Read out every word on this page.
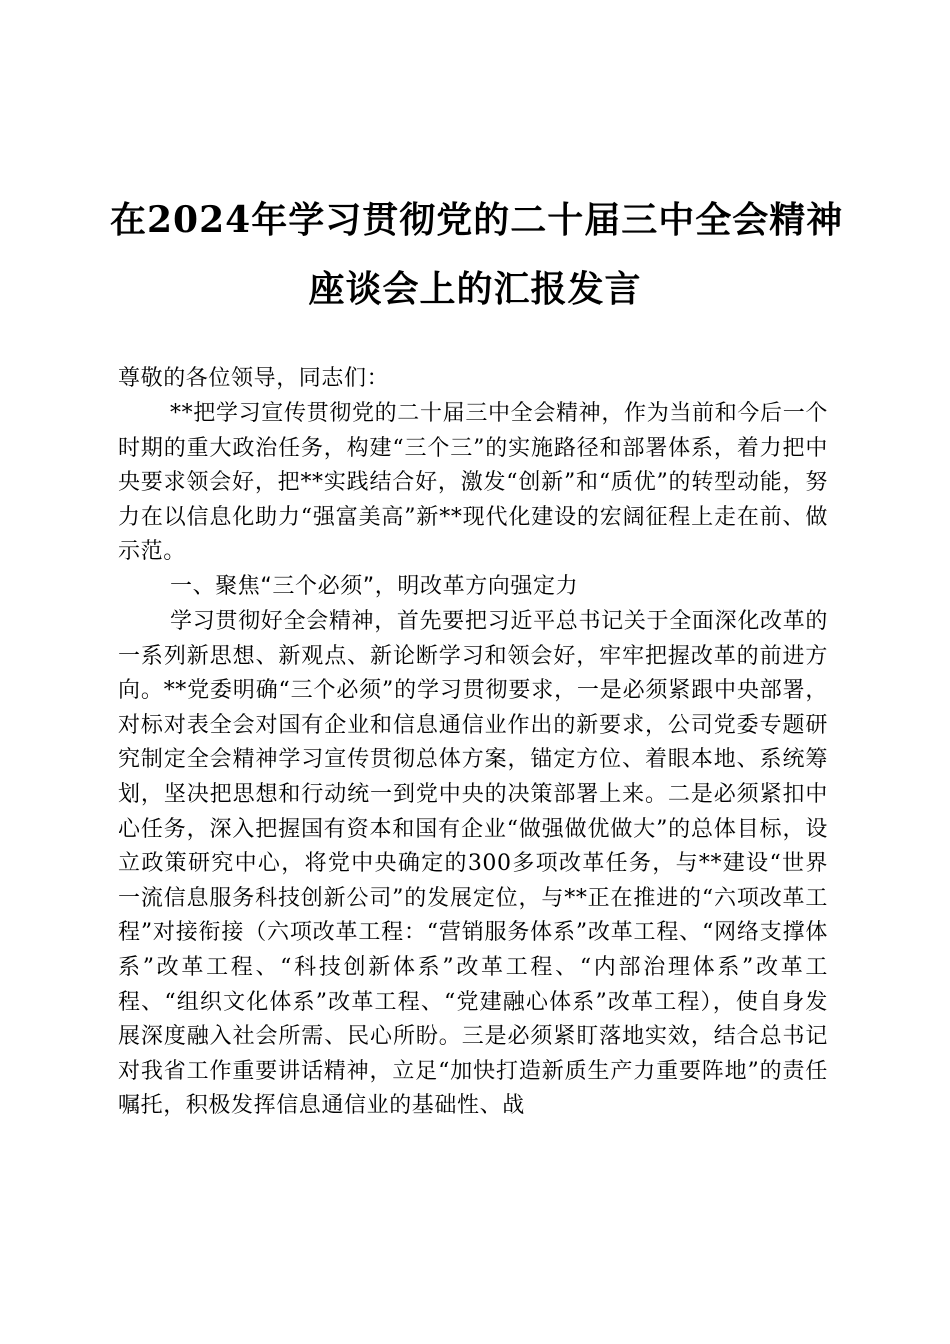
在2024年学习贯彻党的二十届三中全会精神
座谈会上的汇报发言
尊敬的各位领导，同志们：
**把学习宣传贯彻党的二十届三中全会精神，作为当前和今后一个时期的重大政治任务，构建“三个三”的实施路径和部署体系，着力把中央要求领会好，把**实践结合好，激发“创新”和“质优”的转型动能，努力在以信息化助力“强富美高”新**现代化建设的宏阔征程上走在前、做示范。
一、聚焦“三个必须”，明改革方向强定力
学习贯彻好全会精神，首先要把习近平总书记关于全面深化改革的一系列新思想、新观点、新论断学习和领会好，牢牢把握改革的前进方向。**党委明确“三个必须”的学习贯彻要求，一是必须紧跟中央部署，对标对表全会对国有企业和信息通信业作出的新要求，公司党委专题研究制定全会精神学习宣传贯彻总体方案，锚定方位、着眼本地、系统筹划，坚决把思想和行动统一到党中央的决策部署上来。二是必须紧扣中心任务，深入把握国有资本和国有企业“做强做优做大”的总体目标，设立政策研究中心，将党中央确定的300多项改革任务，与**建设“世界一流信息服务科技创新公司”的发展定位，与**正在推进的“六项改革工程”对接衔接（六项改革工程：“营销服务体系”改革工程、“网络支撑体系”改革工程、“科技创新体系”改革工程、“内部治理体系”改革工程、“组织文化体系”改革工程、“党建融心体系”改革工程），使自身发展深度融入社会所需、民心所盼。三是必须紧盯落地实效，结合总书记对我省工作重要讲话精神，立足“加快打造新质生产力重要阵地”的责任嘱托，积极发挥信息通信业的基础性、战
